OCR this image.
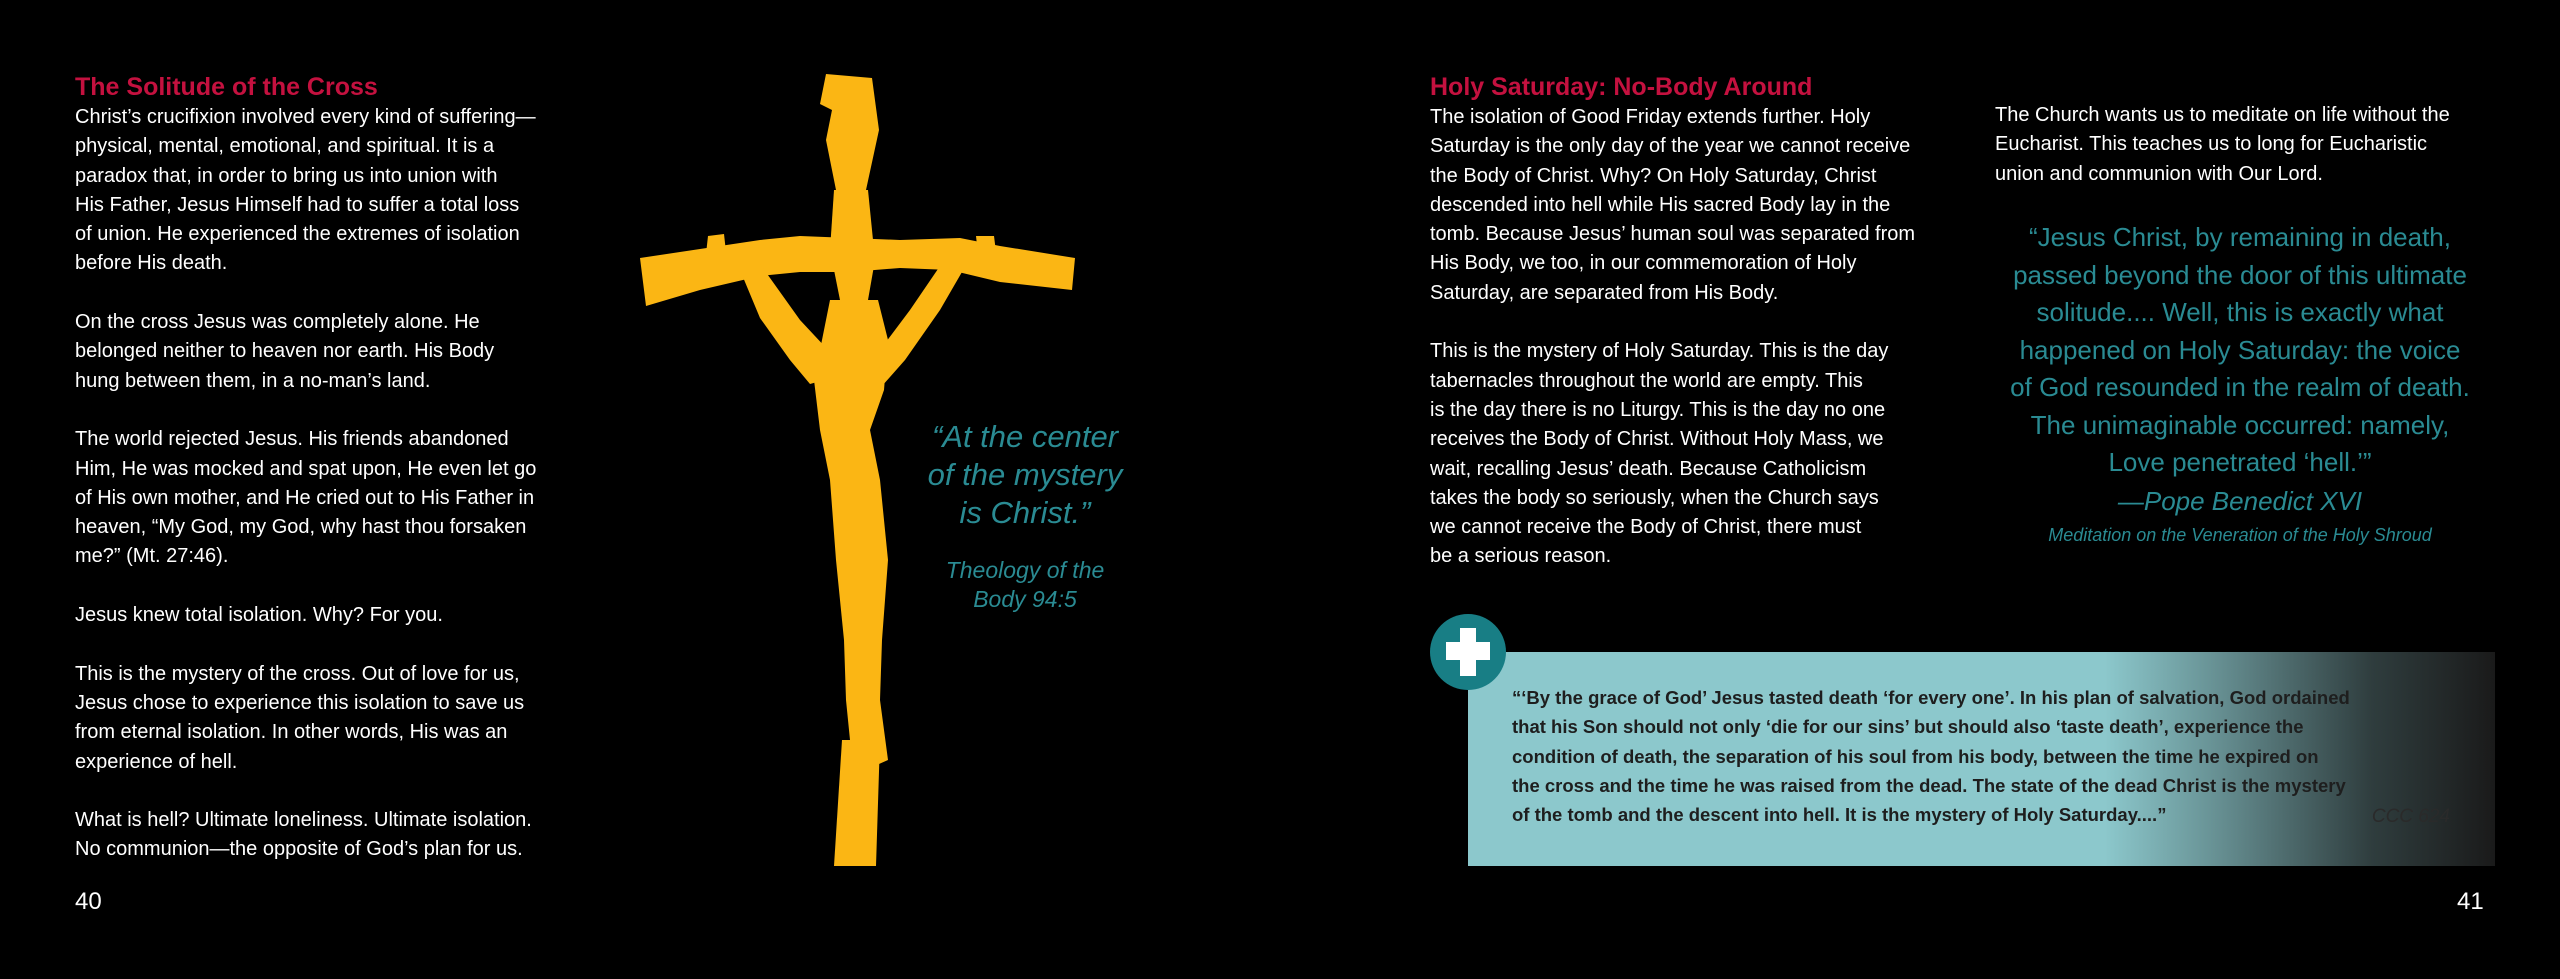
The Solitude of the Cross

Christ’s crucifixion involved every kind of suffering—
physical, mental, emotional, and spiritual. It is a
paradox that, in order to bring us into union with
His Father, Jesus Himself had to suffer a total loss
of union. He experienced the extremes of isolation
before His death.

On the cross Jesus was completely alone. He
belonged neither to heaven nor earth. His Body
hung between them, in a no-man’s land.

The world rejected Jesus. His friends abandoned
Him, He was mocked and spat upon, He even let go
of His own mother, and He cried out to His Father in
heaven, “My God, my God, why hast thou forsaken
me?” (Mt. 27:46).

Jesus knew total isolation. Why? For you.

This is the mystery of the cross. Out of love for us,
Jesus chose to experience this isolation to save us
from eternal isolation. In other words, His was an
experience of hell.

What is hell? Ultimate loneliness. Ultimate isolation.
No communion—the opposite of God’s plan for us.

40
“At the center
of the mystery
is Christ.”
Theology of the
Body 94:5
Holy Saturday: No-Body Around

The isolation of Good Friday extends further. Holy
Saturday is the only day of the year we cannot receive
the Body of Christ. Why? On Holy Saturday, Christ
descended into hell while His sacred Body lay in the
tomb. Because Jesus’ human soul was separated from
His Body, we too, in our commemoration of Holy
Saturday, are separated from His Body.

This is the mystery of Holy Saturday. This is the day
tabernacles throughout the world are empty. This
is the day there is no Liturgy. This is the day no one
receives the Body of Christ. Without Holy Mass, we
wait, recalling Jesus’ death. Because Catholicism
takes the body so seriously, when the Church says
we cannot receive the Body of Christ, there must
be a serious reason.

The Church wants us to meditate on life without the
Eucharist. This teaches us to long for Eucharistic
union and communion with Our Lord.
“Jesus Christ, by remaining in death,
passed beyond the door of this ultimate
solitude.... Well, this is exactly what
happened on Holy Saturday: the voice
of God resounded in the realm of death.
The unimaginable occurred: namely,
Love penetrated ‘hell.’”
—Pope Benedict XVI
Meditation on the Veneration of the Holy Shroud
“‘By the grace of God’ Jesus tasted death ‘for every one’. In his plan of salvation, God ordained
that his Son should not only ‘die for our sins’ but should also ‘taste death’, experience the
condition of death, the separation of his soul from his body, between the time he expired on
the cross and the time he was raised from the dead. The state of the dead Christ is the mystery
of the tomb and the descent into hell. It is the mystery of Holy Saturday....”	CCC 624
41
